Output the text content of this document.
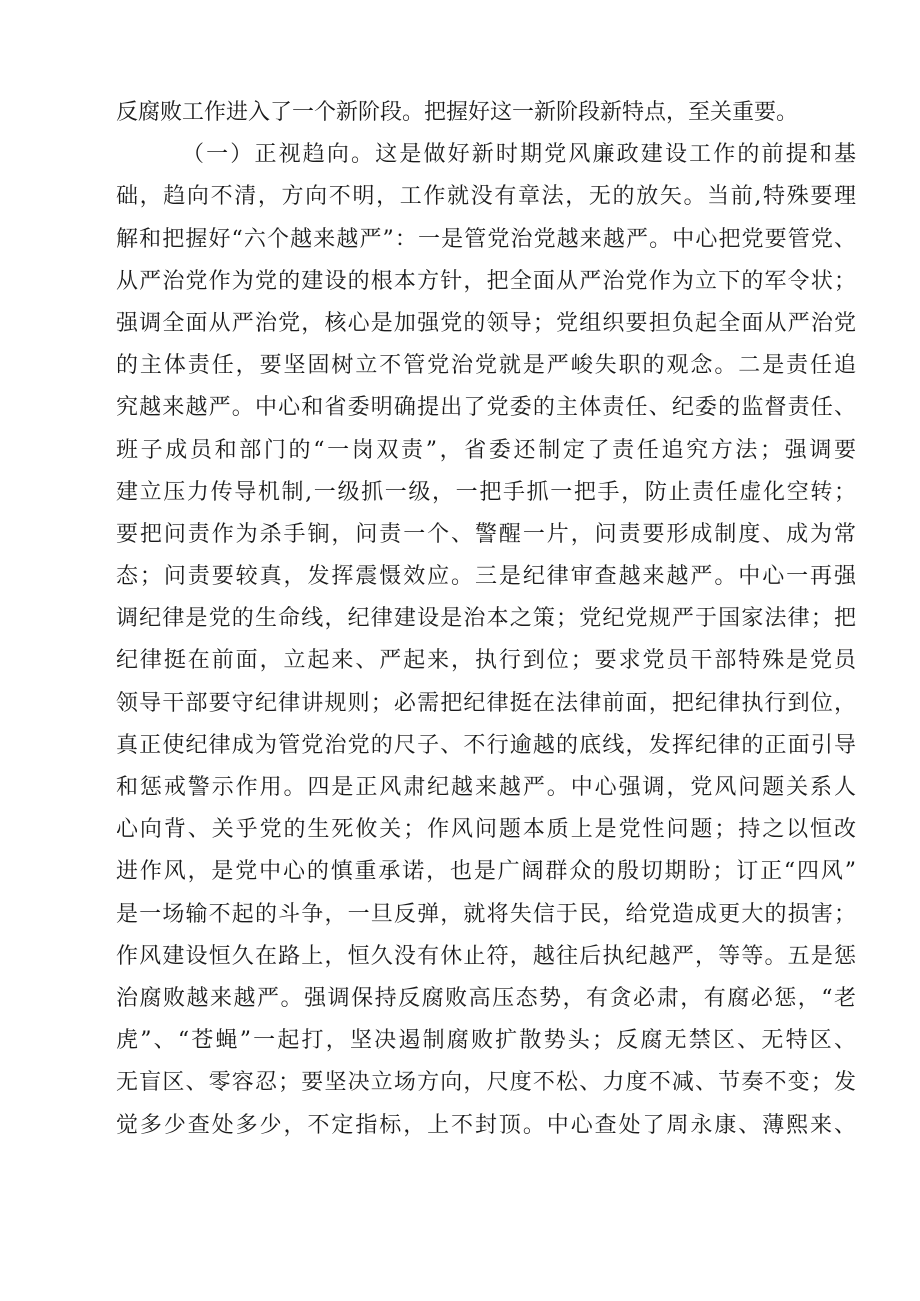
反腐败工作进入了一个新阶段。把握好这一新阶段新特点，至关重要。
（一）正视趋向。这是做好新时期党风廉政建设工作的前提和基
础，趋向不清，方向不明，工作就没有章法，无的放矢。当前,特殊要理
解和把握好“六个越来越严”：一是管党治党越来越严。中心把党要管党、
从严治党作为党的建设的根本方针，把全面从严治党作为立下的军令状；
强调全面从严治党，核心是加强党的领导；党组织要担负起全面从严治党
的主体责任，要坚固树立不管党治党就是严峻失职的观念。二是责任追
究越来越严。中心和省委明确提出了党委的主体责任、纪委的监督责任、
班子成员和部门的“一岗双责”，省委还制定了责任追究方法；强调要
建立压力传导机制,一级抓一级，一把手抓一把手，防止责任虚化空转；
要把问责作为杀手锏，问责一个、警醒一片，问责要形成制度、成为常
态；问责要较真，发挥震慑效应。三是纪律审查越来越严。中心一再强
调纪律是党的生命线，纪律建设是治本之策；党纪党规严于国家法律；把
纪律挺在前面，立起来、严起来，执行到位；要求党员干部特殊是党员
领导干部要守纪律讲规则；必需把纪律挺在法律前面，把纪律执行到位，
真正使纪律成为管党治党的尺子、不行逾越的底线，发挥纪律的正面引导
和惩戒警示作用。四是正风肃纪越来越严。中心强调，党风问题关系人
心向背、关乎党的生死攸关；作风问题本质上是党性问题；持之以恒改
进作风，是党中心的慎重承诺，也是广阔群众的殷切期盼；订正“四风”
是一场输不起的斗争，一旦反弹，就将失信于民，给党造成更大的损害；
作风建设恒久在路上，恒久没有休止符，越往后执纪越严，等等。五是惩
治腐败越来越严。强调保持反腐败高压态势，有贪必肃，有腐必惩，“老
虎”、“苍蝇”一起打，坚决遏制腐败扩散势头；反腐无禁区、无特区、
无盲区、零容忍；要坚决立场方向，尺度不松、力度不减、节奏不变；发
觉多少查处多少，不定指标，上不封顶。中心查处了周永康、薄熙来、
